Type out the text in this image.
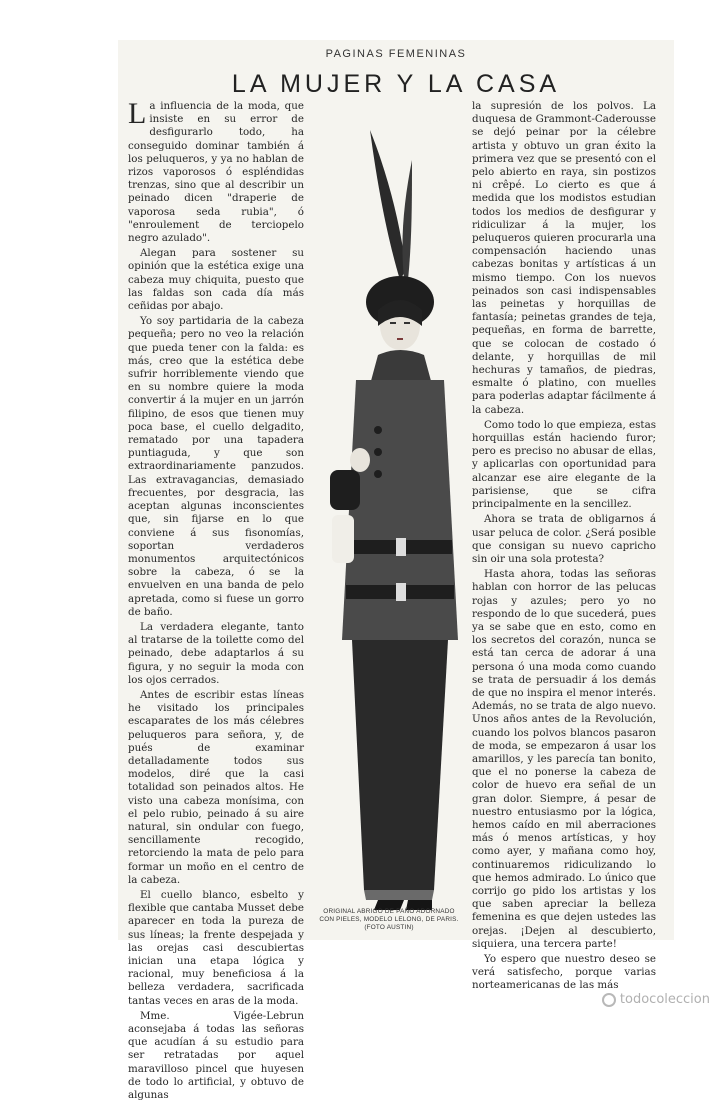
PAGINAS FEMENINAS
LA MUJER Y LA CASA

La influencia de la moda, que insiste en su error de desfigurarlo todo, ha conseguido dominar también á los peluqueros, y ya no hablan de rizos vaporosos ó espléndidas trenzas, sino que al describir un peinado dicen "draperie de vaporosa seda rubia", ó "enroulement de terciopelo negro azulado".

Alegan para sostener su opinión que la estética exige una cabeza muy chiquita, puesto que las faldas son cada día más ceñidas por abajo.

Yo soy partidaria de la cabeza pequeña; pero no veo la relación que pueda tener con la falda: es más, creo que la estética debe sufrir horriblemente viendo que en su nombre quiere la moda convertir á la mujer en un jarrón filipino, de esos que tienen muy poca base, el cuello delgadito, rematado por una tapadera puntiaguda, y que son extraordinariamente panzudos. Las extravagancias, demasiado frecuentes, por desgracia, las aceptan algunas inconscientes que, sin fijarse en lo que conviene á sus fisonomías, soportan verdaderos monumentos arquitectónicos sobre la cabeza, ó se la envuelven en una banda de pelo apretada, como si fuese un gorro de baño.

La verdadera elegante, tanto al tratarse de la toilette como del peinado, debe adaptarlos á su figura, y no seguir la moda con los ojos cerrados.

Antes de escribir estas líneas he visitado los principales escaparates de los más célebres peluqueros para señora, y, de pués de examinar detalladamente todos sus modelos, diré que la casi totalidad son peinados altos. He visto una cabeza monísima, con el pelo rubio, peinado á su aire natural, sin ondular con fuego, sencillamente recogido, retorciendo la mata de pelo para formar un moño en el centro de la cabeza.

El cuello blanco, esbelto y flexible que cantaba Musset debe aparecer en toda la pureza de sus líneas; la frente despejada y las orejas casi descubiertas inician una etapa lógica y racional, muy beneficiosa á la belleza verdadera, sacrificada tantas veces en aras de la moda.

Mme. Vigée-Lebrun aconsejaba á todas las señoras que acudían á su estudio para ser retratadas por aquel maravilloso pincel que huyesen de todo lo artificial, y obtuvo de algunas

ORIGINAL ABRIGO DE PAÑO ADORNADO
CON PIELES, MODELO LELONG, DE PARIS.
(FOTO AUSTIN)

la supresión de los polvos. La duquesa de Grammont-Caderousse se dejó peinar por la célebre artista y obtuvo un gran éxito la primera vez que se presentó con el pelo abierto en raya, sin postizos ni crêpé. Lo cierto es que á medida que los modistos estudian todos los medios de desfigurar y ridiculizar á la mujer, los peluqueros quieren procurarla una compensación haciendo unas cabezas bonitas y artísticas á un mismo tiempo. Con los nuevos peinados son casi indispensables las peinetas y horquillas de fantasía; peinetas grandes de teja, pequeñas, en forma de barrette, que se colocan de costado ó delante, y horquillas de mil hechuras y tamaños, de piedras, esmalte ó platino, con muelles para poderlas adaptar fácilmente á la cabeza.

Como todo lo que empieza, estas horquillas están haciendo furor; pero es preciso no abusar de ellas, y aplicarlas con oportunidad para alcanzar ese aire elegante de la parisiense, que se cifra principalmente en la sencillez.

Ahora se trata de obligarnos á usar peluca de color. ¿Será posible que consigan su nuevo capricho sin oir una sola protesta?

Hasta ahora, todas las señoras hablan con horror de las pelucas rojas y azules; pero yo no respondo de lo que sucederá, pues ya se sabe que en esto, como en los secretos del corazón, nunca se está tan cerca de adorar á una persona ó una moda como cuando se trata de persuadir á los demás de que no inspira el menor interés. Además, no se trata de algo nuevo. Unos años antes de la Revolución, cuando los polvos blancos pasaron de moda, se empezaron á usar los amarillos, y les parecía tan bonito, que el no ponerse la cabeza de color de huevo era señal de un gran dolor. Siempre, á pesar de nuestro entusiasmo por la lógica, hemos caído en mil aberraciones más ó menos artísticas, y hoy como ayer, y mañana como hoy, continuaremos ridiculizando lo que hemos admirado. Lo único que corrijo go pido los artistas y los que saben apreciar la belleza femenina es que dejen ustedes las orejas. ¡Dejen al descubierto, siquiera, una tercera parte!

Yo espero que nuestro deseo se verá satisfecho, porque varias norteamericanas de las más

todocoleccion
